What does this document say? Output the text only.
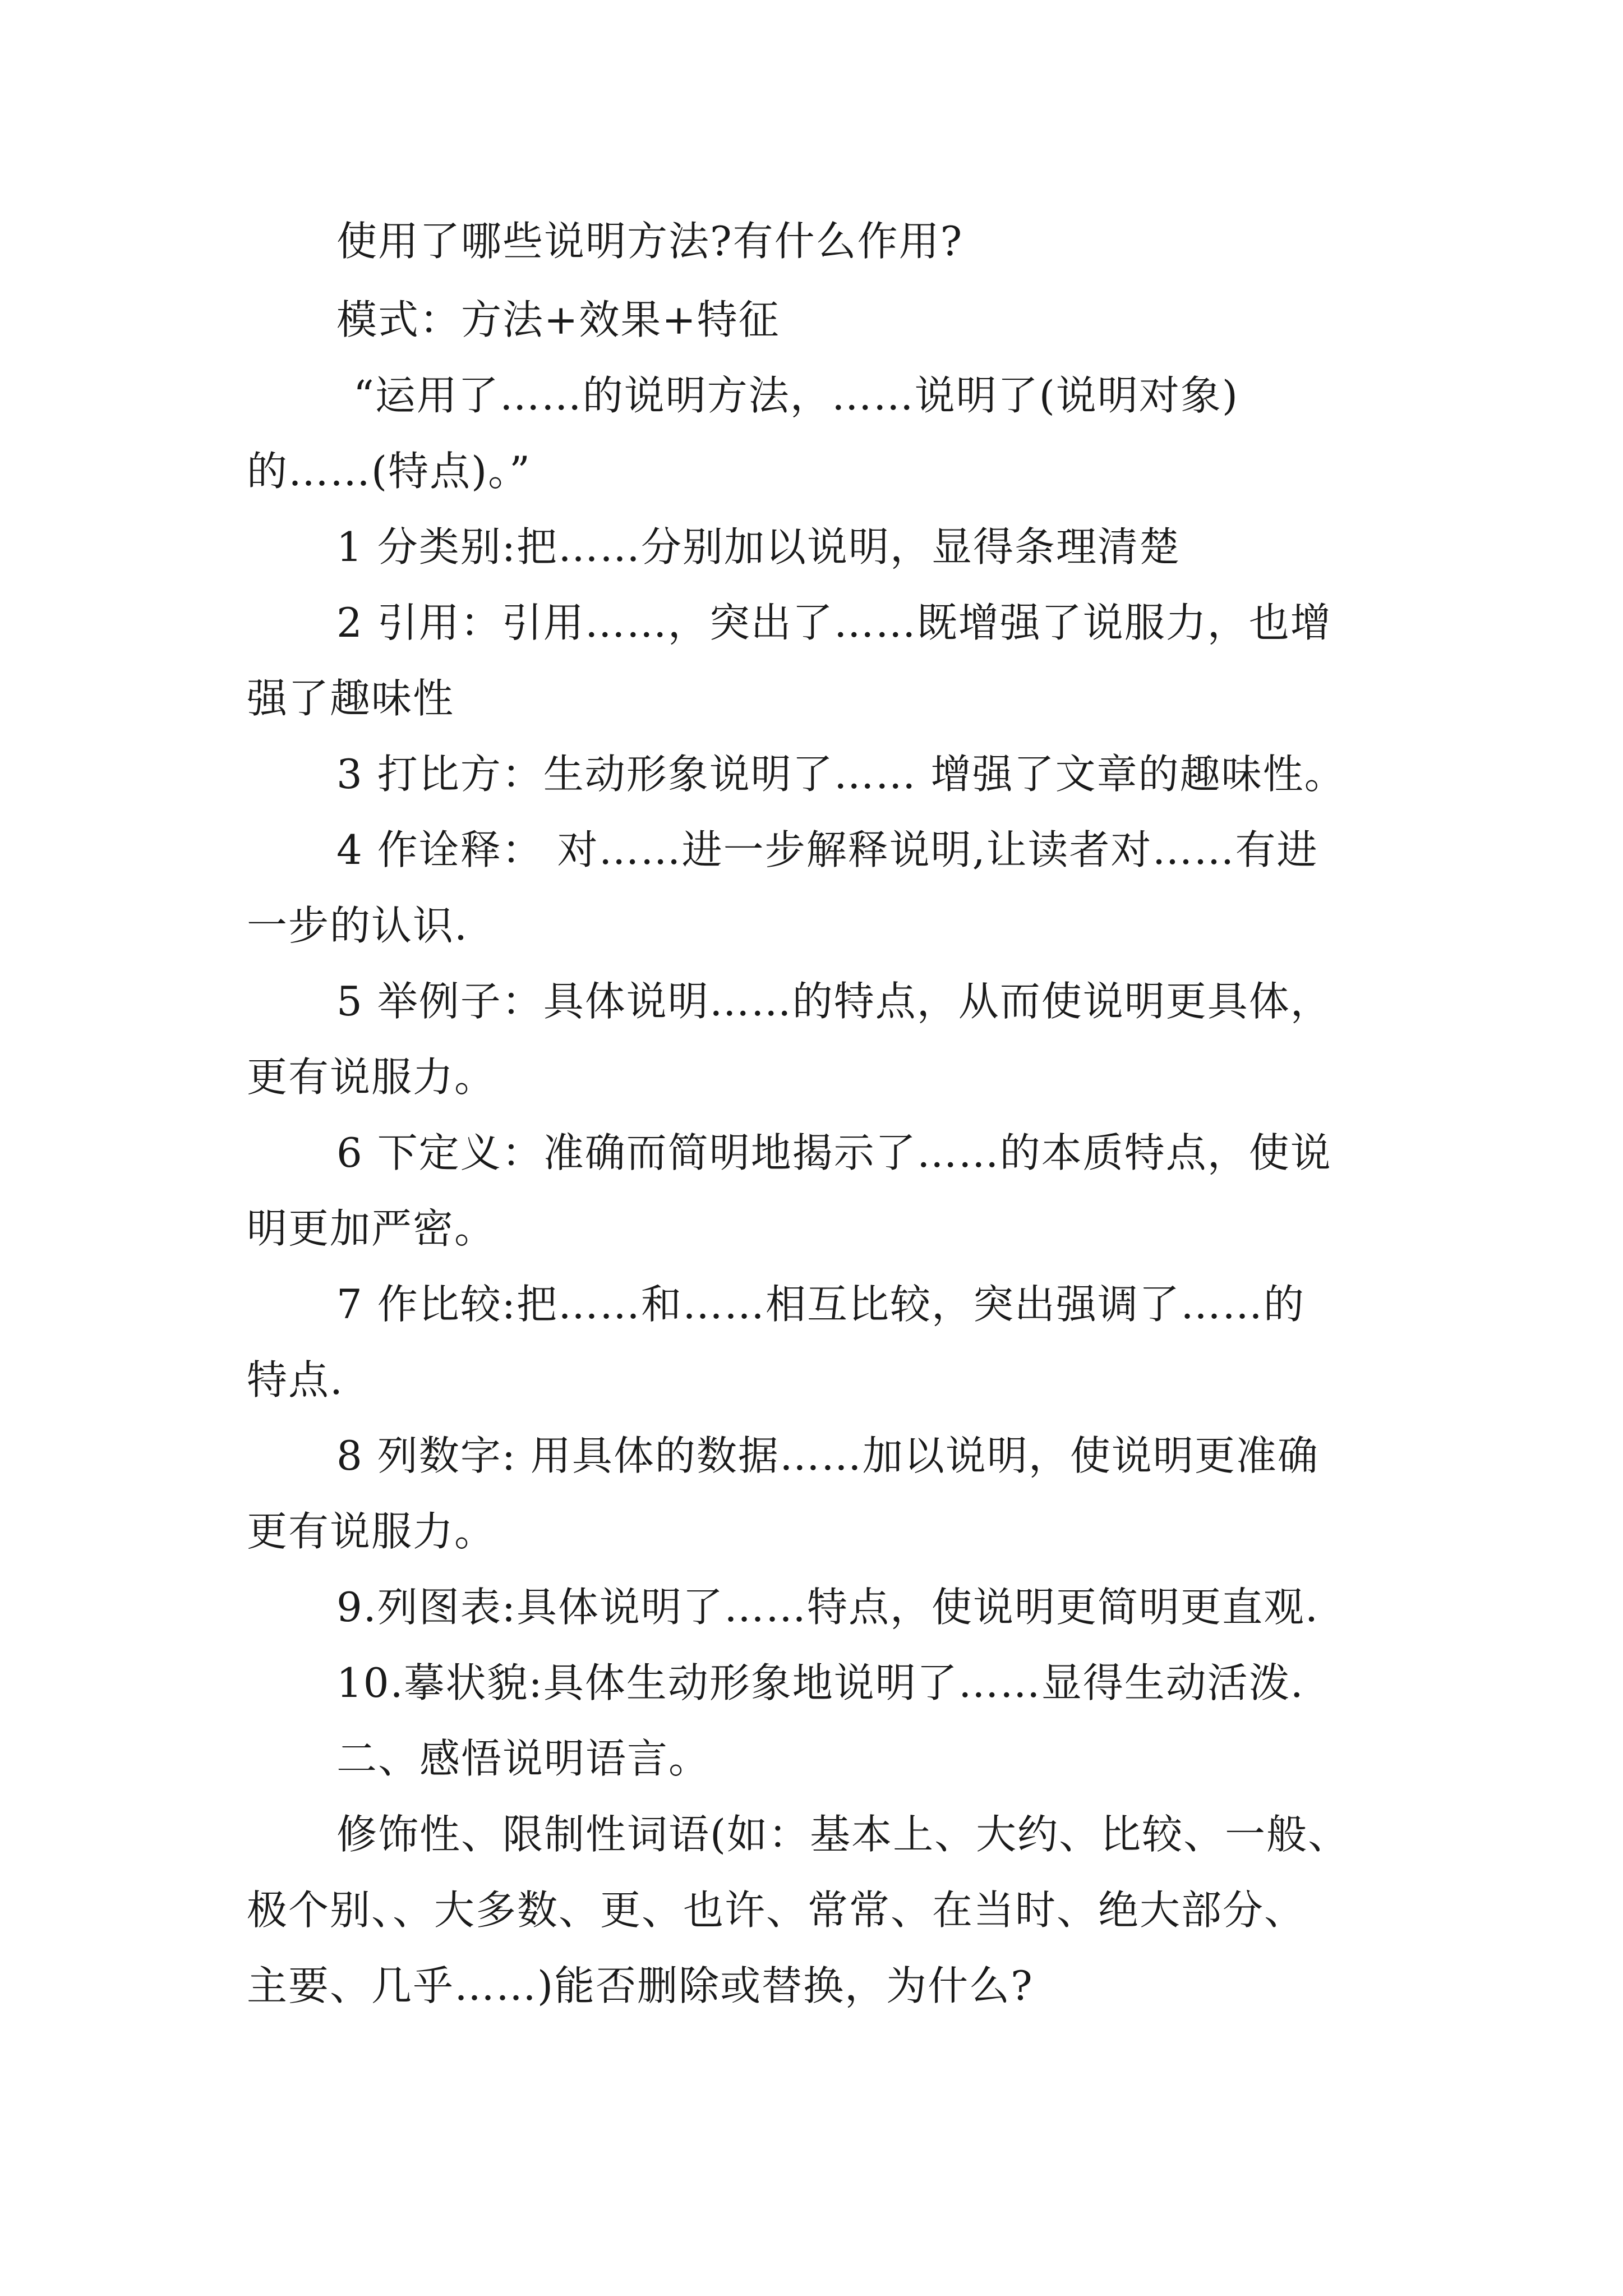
使用了哪些说明方法?有什么作用?
模式：方法+效果+特征
“运用了……的说明方法，……说明了(说明对象)
的……(特点)。”
1 分类别:把……分别加以说明，显得条理清楚
2 引用：引用……，突出了……既增强了说服力，也增
强了趣味性
3 打比方：生动形象说明了…… 增强了文章的趣味性。
4 作诠释： 对……进一步解释说明,让读者对……有进
一步的认识.
5 举例子：具体说明……的特点，从而使说明更具体，
更有说服力。
6 下定义：准确而简明地揭示了……的本质特点，使说
明更加严密。
7 作比较:把……和……相互比较，突出强调了……的
特点.
8 列数字: 用具体的数据……加以说明，使说明更准确
更有说服力。
9.列图表:具体说明了……特点，使说明更简明更直观.
10.摹状貌:具体生动形象地说明了……显得生动活泼.
二、感悟说明语言。
修饰性、限制性词语(如：基本上、大约、比较、一般、
极个别、、大多数、更、也许、常常、在当时、绝大部分、
主要、几乎……)能否删除或替换，为什么?
